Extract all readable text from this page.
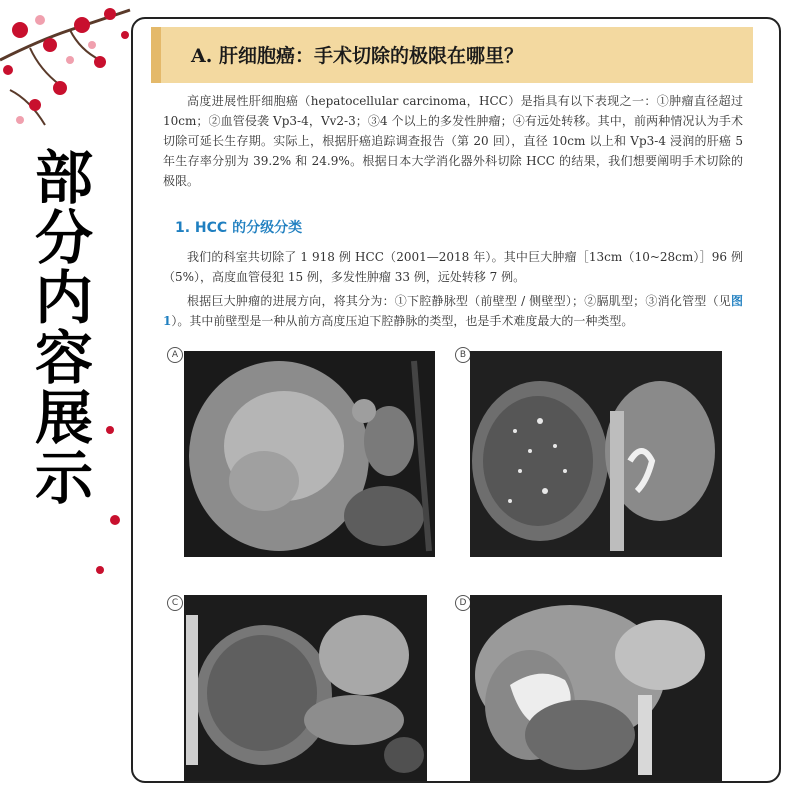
部
分
内
容
展
示
A. 肝细胞癌：手术切除的极限在哪里？
高度进展性肝细胞癌（hepatocellular carcinoma，HCC）是指具有以下表现之一：①肿瘤直径超过10cm；②血管侵袭 Vp3-4，Vv2-3；③4 个以上的多发性肿瘤；④有远处转移。其中，前两种情况认为手术切除可延长生存期。实际上，根据肝癌追踪调查报告（第 20 回），直径 10cm 以上和 Vp3-4 浸润的肝癌 5 年生存率分别为 39.2% 和 24.9%。根据日本大学消化器外科切除 HCC 的结果，我们想要阐明手术切除的极限。
1. HCC 的分级分类
我们的科室共切除了 1 918 例 HCC（2001—2018 年）。其中巨大肿瘤［13cm（10~28cm）］96 例（5%），高度血管侵犯 15 例，多发性肿瘤 33 例，远处转移 7 例。
根据巨大肿瘤的进展方向，将其分为：①下腔静脉型（前壁型 / 侧壁型）；②膈肌型；③消化管型（见图 1）。其中前壁型是一种从前方高度压迫下腔静脉的类型，也是手术难度最大的一种类型。
A	B
C	D
